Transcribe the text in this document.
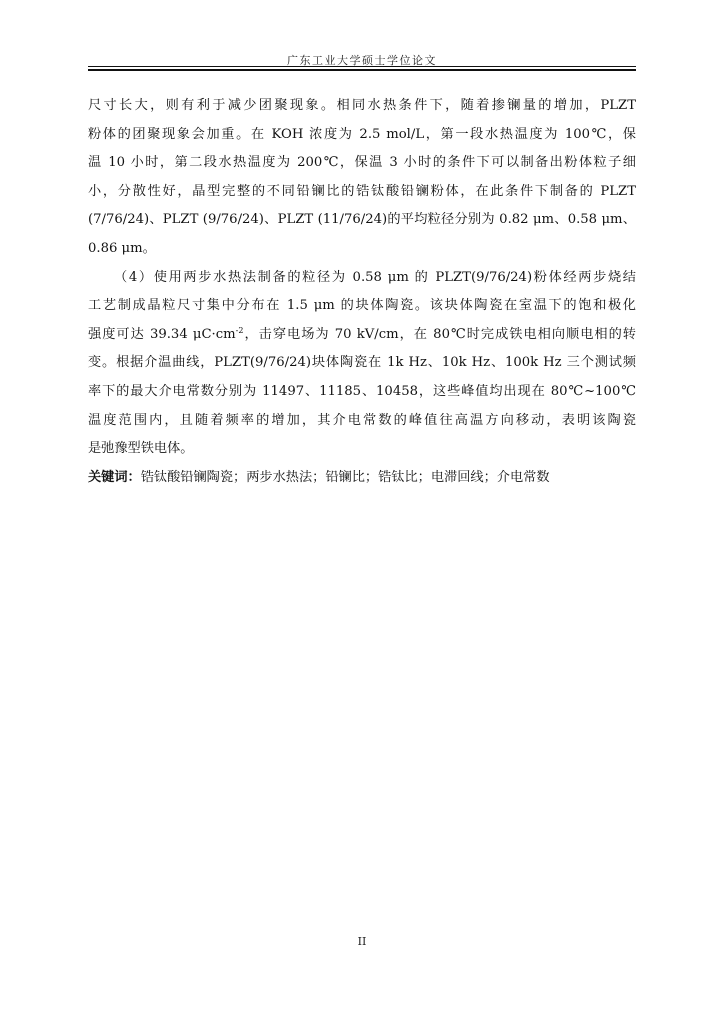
广东工业大学硕士学位论文
尺寸长大，则有利于减少团聚现象。相同水热条件下，随着掺镧量的增加，PLZT
粉体的团聚现象会加重。在 KOH 浓度为 2.5 mol/L，第一段水热温度为 100℃，保
温 10 小时，第二段水热温度为 200℃，保温 3 小时的条件下可以制备出粉体粒子细
小，分散性好，晶型完整的不同铅镧比的锆钛酸铅镧粉体，在此条件下制备的 PLZT
(7/76/24)、PLZT (9/76/24)、PLZT (11/76/24)的平均粒径分别为 0.82 μm、0.58 μm、
0.86 μm。
（4）使用两步水热法制备的粒径为 0.58 μm 的 PLZT(9/76/24)粉体经两步烧结
工艺制成晶粒尺寸集中分布在 1.5 μm 的块体陶瓷。该块体陶瓷在室温下的饱和极化
强度可达 39.34 $\mu C\cdot cm^{-2}$，击穿电场为 70 kV/cm，在 80℃时完成铁电相向顺电相的转
变。根据介温曲线，PLZT(9/76/24)块体陶瓷在 1k Hz、10k Hz、100k Hz 三个测试频
率下的最大介电常数分别为 11497、11185、10458，这些峰值均出现在 80℃~100℃
温度范围内，且随着频率的增加，其介电常数的峰值往高温方向移动，表明该陶瓷
是弛豫型铁电体。
关键词：锆钛酸铅镧陶瓷；两步水热法；铅镧比；锆钛比；电滞回线；介电常数
II
